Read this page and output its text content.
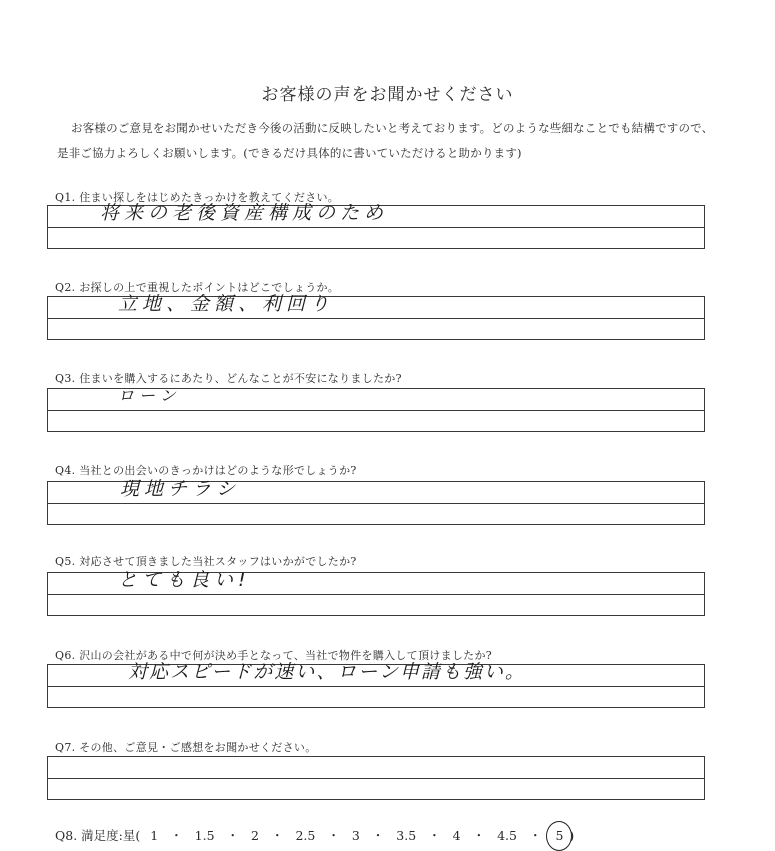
お客様の声をお聞かせください
お客様のご意見をお聞かせいただき今後の活動に反映したいと考えております。どのような些細なことでも結構ですので、是非ご協力よろしくお願いします。(できるだけ具体的に書いていただけると助かります)
Q1. 住まい探しをはじめたきっかけを教えてください。
将来の老後資産構成のため
Q2. お探しの上で重視したポイントはどこでしょうか。
立地、金額、利回り
Q3. 住まいを購入するにあたり、どんなことが不安になりましたか?
ローン
Q4. 当社との出会いのきっかけはどのような形でしょうか?
現地チラシ
Q5. 対応させて頂きました当社スタッフはいかがでしたか?
とても良い!
Q6. 沢山の会社がある中で何が決め手となって、当社で物件を購入して頂けましたか?
対応スピードが速い、ローン申請も強い。
Q7. その他、ご意見・ご感想をお聞かせください。
Q8. 満足度:星( 1 ・ 1.5 ・ 2 ・ 2.5 ・ 3 ・ 3.5 ・ 4 ・ 4.5 ・ 5 )
